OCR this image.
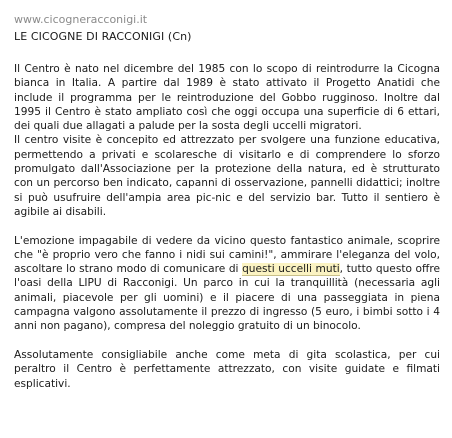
www.cicogneracconigi.it
LE CICOGNE DI RACCONIGI (Cn)

Il Centro è nato nel dicembre del 1985 con lo scopo di reintrodurre la Cicogna bianca in Italia. A partire dal 1989 è stato attivato il Progetto Anatidi che include il programma per le reintroduzione del Gobbo rugginoso. Inoltre dal 1995 il Centro è stato ampliato così che oggi occupa una superficie di 6 ettari, dei quali due allagati a palude per la sosta degli uccelli migratori.

Il centro visite è concepito ed attrezzato per svolgere una funzione educativa, permettendo a privati e scolaresche di visitarlo e di comprendere lo sforzo promulgato dall'Associazione per la protezione della natura, ed è strutturato con un percorso ben indicato, capanni di osservazione, pannelli didattici; inoltre si può usufruire dell'ampia area pic-nic e del servizio bar. Tutto il sentiero è agibile ai disabili.

L'emozione impagabile di vedere da vicino questo fantastico animale, scoprire che "è proprio vero che fanno i nidi sui camini!", ammirare l'eleganza del volo, ascoltare lo strano modo di comunicare di questi uccelli muti, tutto questo offre l'oasi della LIPU di Racconigi. Un parco in cui la tranquillità (necessaria agli animali, piacevole per gli uomini) e il piacere di una passeggiata in piena campagna valgono assolutamente il prezzo di ingresso (5 euro, i bimbi sotto i 4 anni non pagano), compresa del noleggio gratuito di un binocolo.

Assolutamente consigliabile anche come meta di gita scolastica, per cui peraltro il Centro è perfettamente attrezzato, con visite guidate e filmati esplicativi.
